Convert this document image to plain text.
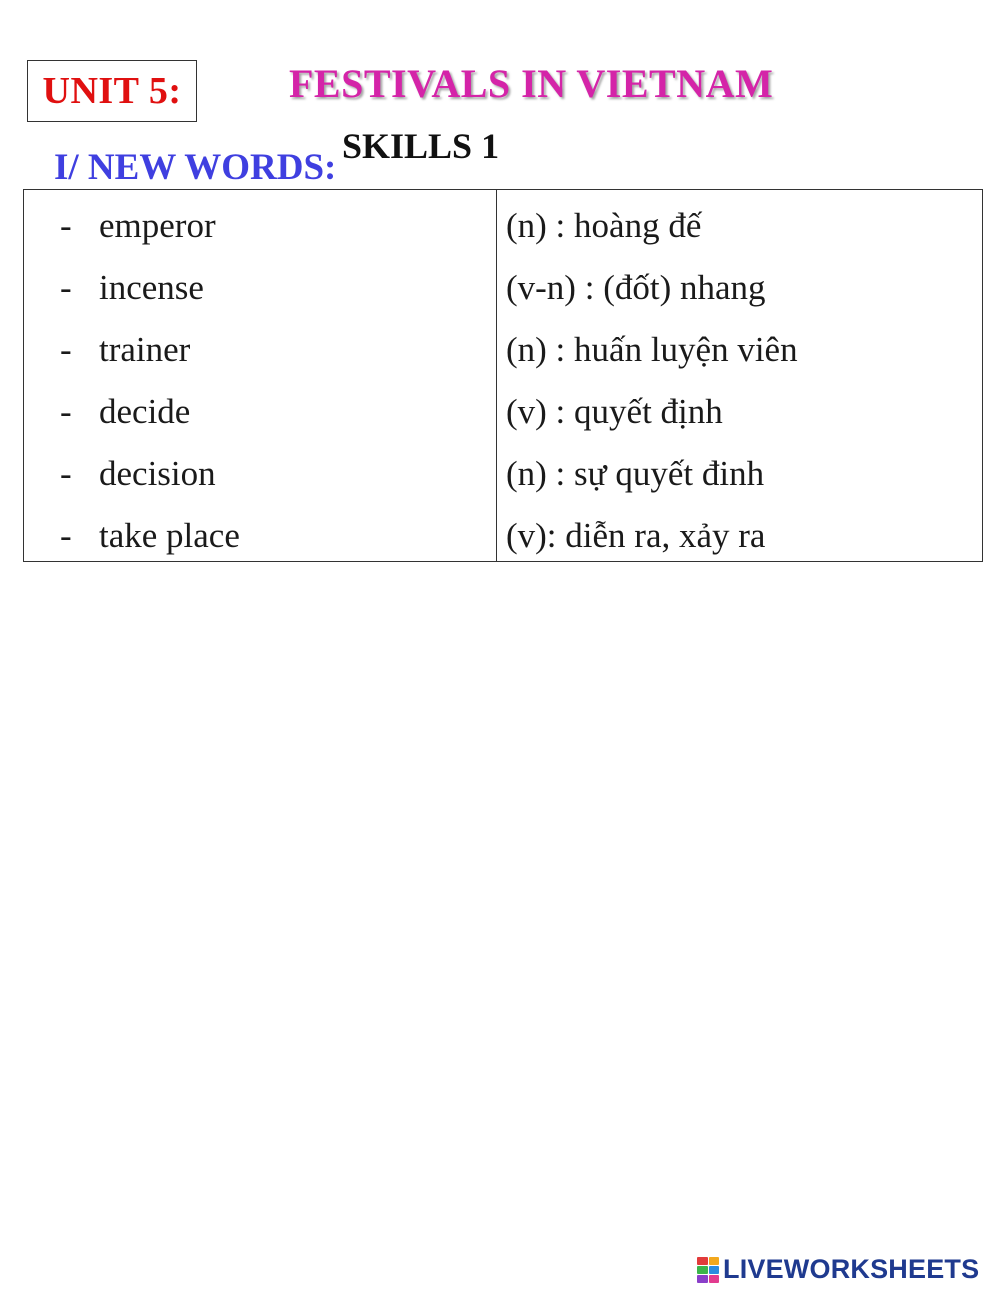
UNIT 5:	FESTIVALS IN VIETNAM
I/ NEW WORDS:
SKILLS 1
- emperor
- incense
- trainer
- decide
- decision
- take place
(n) : hoàng đế
(v-n) : (đốt) nhang
(n) : huấn luyện viên
(v) : quyết định
(n) : sự quyết đinh
(v): diễn ra, xảy ra
LIVEWORKSHEETS
